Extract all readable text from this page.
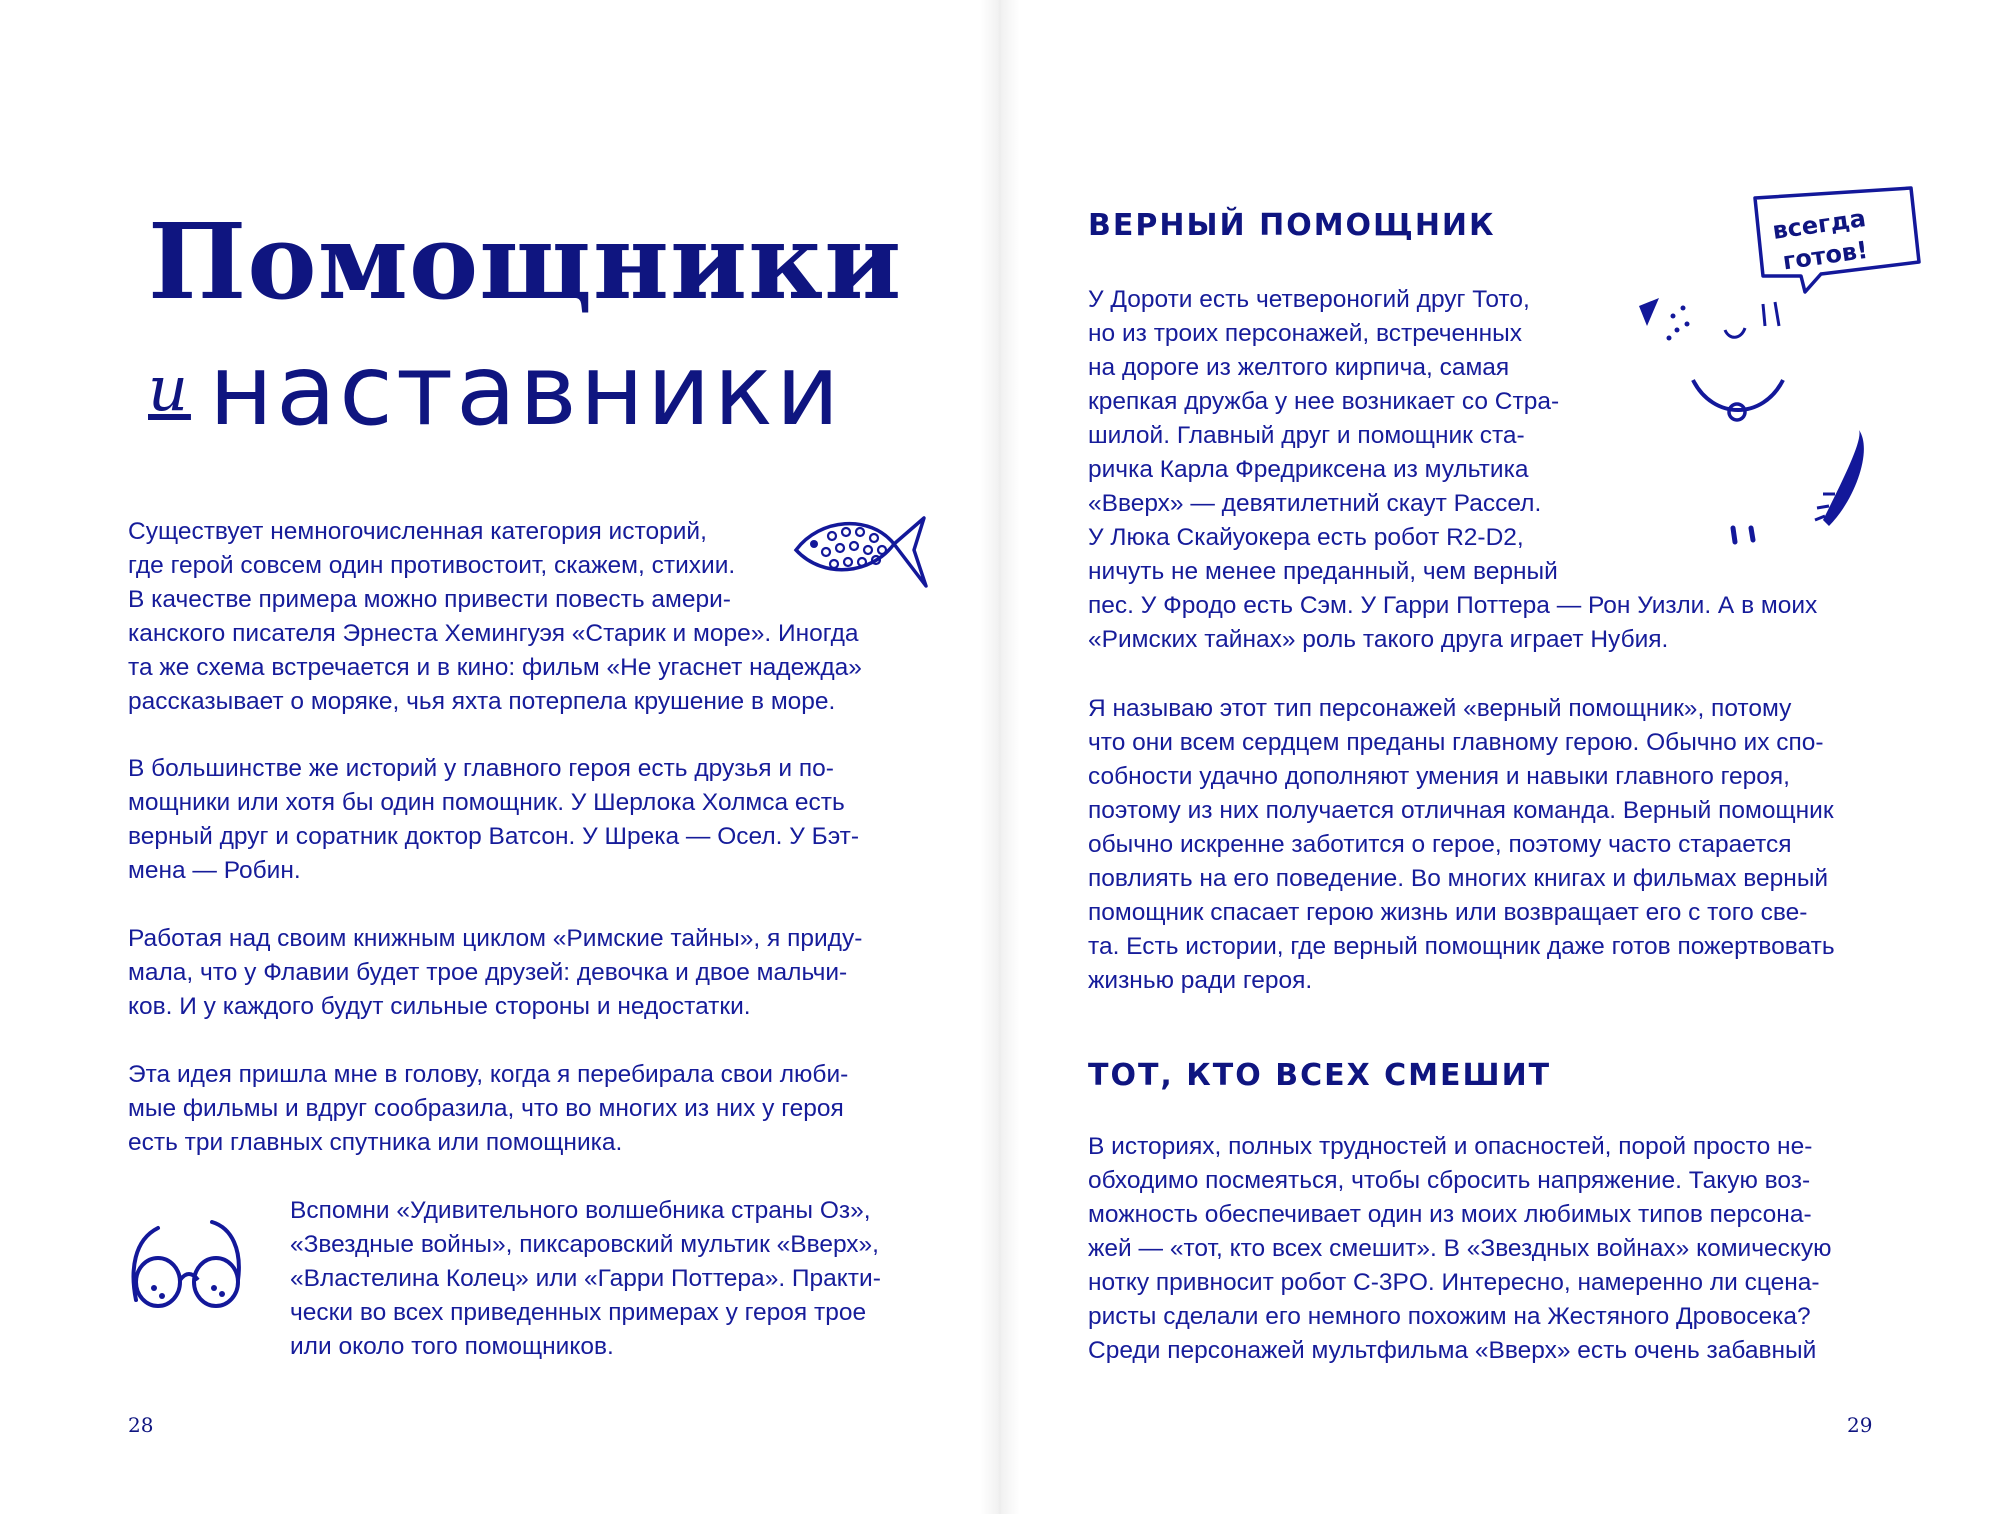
Помощники
и наставники

Существует немногочисленная категория историй,
где герой совсем один противостоит, скажем, стихии.
В качестве примера можно привести повесть амери-
канского писателя Эрнеста Хемингуэя «Старик и море». Иногда
та же схема встречается и в кино: фильм «Не угаснет надежда»
рассказывает о моряке, чья яхта потерпела крушение в море.

В большинстве же историй у главного героя есть друзья и по-
мощники или хотя бы один помощник. У Шерлока Холмса есть
верный друг и соратник доктор Ватсон. У Шрека — Осел. У Бэт-
мена — Робин.

Работая над своим книжным циклом «Римские тайны», я приду-
мала, что у Флавии будет трое друзей: девочка и двое мальчи-
ков. И у каждого будут сильные стороны и недостатки.

Эта идея пришла мне в голову, когда я перебирала свои люби-
мые фильмы и вдруг сообразила, что во многих из них у героя
есть три главных спутника или помощника.

Вспомни «Удивительного волшебника страны Оз»,
«Звездные войны», пиксаровский мультик «Вверх»,
«Властелина Колец» или «Гарри Поттера». Практи-
чески во всех приведенных примерах у героя трое
или около того помощников.

28
ВЕРНЫЙ ПОМОЩНИК

У Дороти есть четвероногий друг Тото,
но из троих персонажей, встреченных
на дороге из желтого кирпича, самая
крепкая дружба у нее возникает со Стра-
шилой. Главный друг и помощник ста-
ричка Карла Фредриксена из мультика
«Вверх» — девятилетний скаут Рассел.
У Люка Скайуокера есть робот R2-D2,
ничуть не менее преданный, чем верный

пес. У Фродо есть Сэм. У Гарри Поттера — Рон Уизли. А в моих
«Римских тайнах» роль такого друга играет Нубия.

всегда
готов!

Я называю этот тип персонажей «верный помощник», потому
что они всем сердцем преданы главному герою. Обычно их спо-
собности удачно дополняют умения и навыки главного героя,
поэтому из них получается отличная команда. Верный помощник
обычно искренне заботится о герое, поэтому часто старается
повлиять на его поведение. Во многих книгах и фильмах верный
помощник спасает герою жизнь или возвращает его с того све-
та. Есть истории, где верный помощник даже готов пожертвовать
жизнью ради героя.

ТОТ, КТО ВСЕХ СМЕШИТ

В историях, полных трудностей и опасностей, порой просто не-
обходимо посмеяться, чтобы сбросить напряжение. Такую воз-
можность обеспечивает один из моих любимых типов персона-
жей — «тот, кто всех смешит». В «Звездных войнах» комическую
нотку привносит робот С-3PO. Интересно, намеренно ли сцена-
ристы сделали его немного похожим на Жестяного Дровосека?
Среди персонажей мультфильма «Вверх» есть очень забавный

29
